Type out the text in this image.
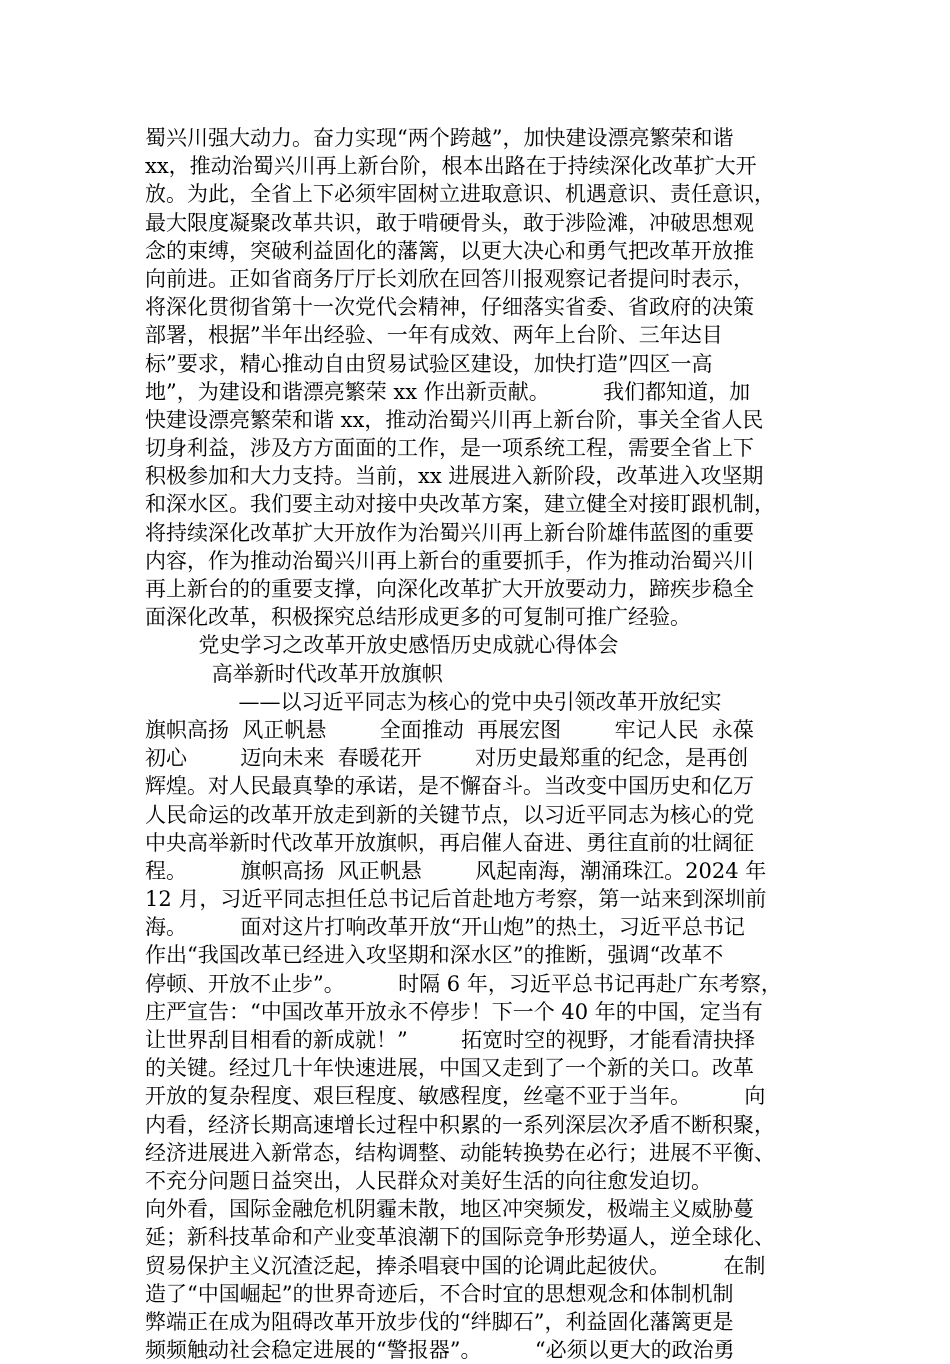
蜀兴川强大动力。奋力实现“两个跨越”，加快建设漂亮繁荣和谐
xx，推动治蜀兴川再上新台阶，根本出路在于持续深化改革扩大开
放。为此，全省上下必须牢固树立进取意识、机遇意识、责任意识，
最大限度凝聚改革共识，敢于啃硬骨头，敢于涉险滩，冲破思想观
念的束缚，突破利益固化的藩篱，以更大决心和勇气把改革开放推
向前进。正如省商务厅厅长刘欣在回答川报观察记者提问时表示，
将深化贯彻省第十一次党代会精神，仔细落实省委、省政府的决策
部署，根据”半年出经验、一年有成效、两年上台阶、三年达目
标”要求，精心推动自由贸易试验区建设，加快打造”四区一高
地”，为建设和谐漂亮繁荣 xx 作出新贡献。        我们都知道，加
快建设漂亮繁荣和谐 xx，推动治蜀兴川再上新台阶，事关全省人民
切身利益，涉及方方面面的工作，是一项系统工程，需要全省上下
积极参加和大力支持。当前，xx 进展进入新阶段，改革进入攻坚期
和深水区。我们要主动对接中央改革方案，建立健全对接盯跟机制，
将持续深化改革扩大开放作为治蜀兴川再上新台阶雄伟蓝图的重要
内容，作为推动治蜀兴川再上新台的重要抓手，作为推动治蜀兴川
再上新台的的重要支撑，向深化改革扩大开放要动力，蹄疾步稳全
面深化改革，积极探究总结形成更多的可复制可推广经验。
党史学习之改革开放史感悟历史成就心得体会
高举新时代改革开放旗帜
——以习近平同志为核心的党中央引领改革开放纪实
旗帜高扬  风正帆悬        全面推动  再展宏图        牢记人民  永葆
初心        迈向未来  春暖花开        对历史最郑重的纪念，是再创
辉煌。对人民最真挚的承诺，是不懈奋斗。当改变中国历史和亿万
人民命运的改革开放走到新的关键节点，以习近平同志为核心的党
中央高举新时代改革开放旗帜，再启催人奋进、勇往直前的壮阔征
程。        旗帜高扬  风正帆悬        风起南海，潮涌珠江。2024 年
12 月，习近平同志担任总书记后首赴地方考察，第一站来到深圳前
海。        面对这片打响改革开放“开山炮”的热土，习近平总书记
作出“我国改革已经进入攻坚期和深水区”的推断，强调“改革不
停顿、开放不止步”。        时隔 6 年，习近平总书记再赴广东考察，
庄严宣告：“中国改革开放永不停步！下一个 40 年的中国，定当有
让世界刮目相看的新成就！”        拓宽时空的视野，才能看清抉择
的关键。经过几十年快速进展，中国又走到了一个新的关口。改革
开放的复杂程度、艰巨程度、敏感程度，丝毫不亚于当年。        向
内看，经济长期高速增长过程中积累的一系列深层次矛盾不断积聚，
经济进展进入新常态，结构调整、动能转换势在必行；进展不平衡、
不充分问题日益突出，人民群众对美好生活的向往愈发迫切。
向外看，国际金融危机阴霾未散，地区冲突频发，极端主义威胁蔓
延；新科技革命和产业变革浪潮下的国际竞争形势逼人，逆全球化、
贸易保护主义沉渣泛起，捧杀唱衰中国的论调此起彼伏。        在制
造了“中国崛起”的世界奇迹后，不合时宜的思想观念和体制机制
弊端正在成为阻碍改革开放步伐的“绊脚石”，利益固化藩篱更是
频频触动社会稳定进展的“警报器”。        “必须以更大的政治勇
